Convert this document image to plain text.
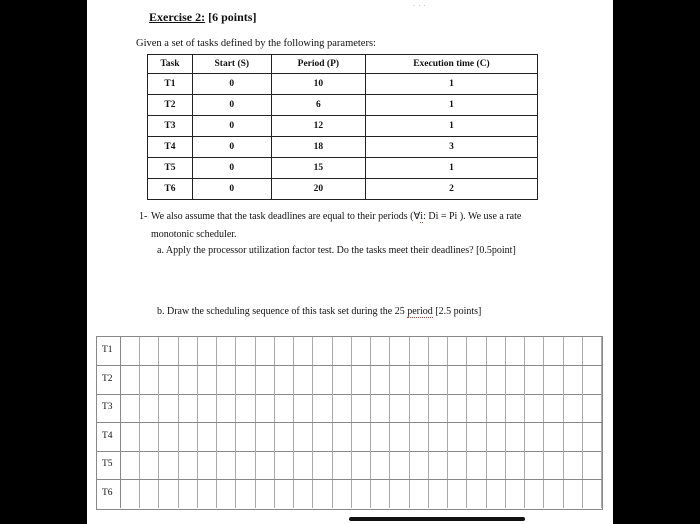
...
Exercise 2: [6 points]
Given a set of tasks defined by the following parameters:
Task	Start (S)	Period (P)	Execution time (C)
T1	0	10	1
T2	0	6	1
T3	0	12	1
T4	0	18	3
T5	0	15	1
T6	0	20	2
1- We also assume that the task deadlines are equal to their periods (∀i: Di = Pi ). We use a rate
monotonic scheduler.
a. Apply the processor utilization factor test. Do the tasks meet their deadlines? [0.5point]
b. Draw the scheduling sequence of this task set during the 25 period [2.5 points]
T1
T2
T3
T4
T5
T6
